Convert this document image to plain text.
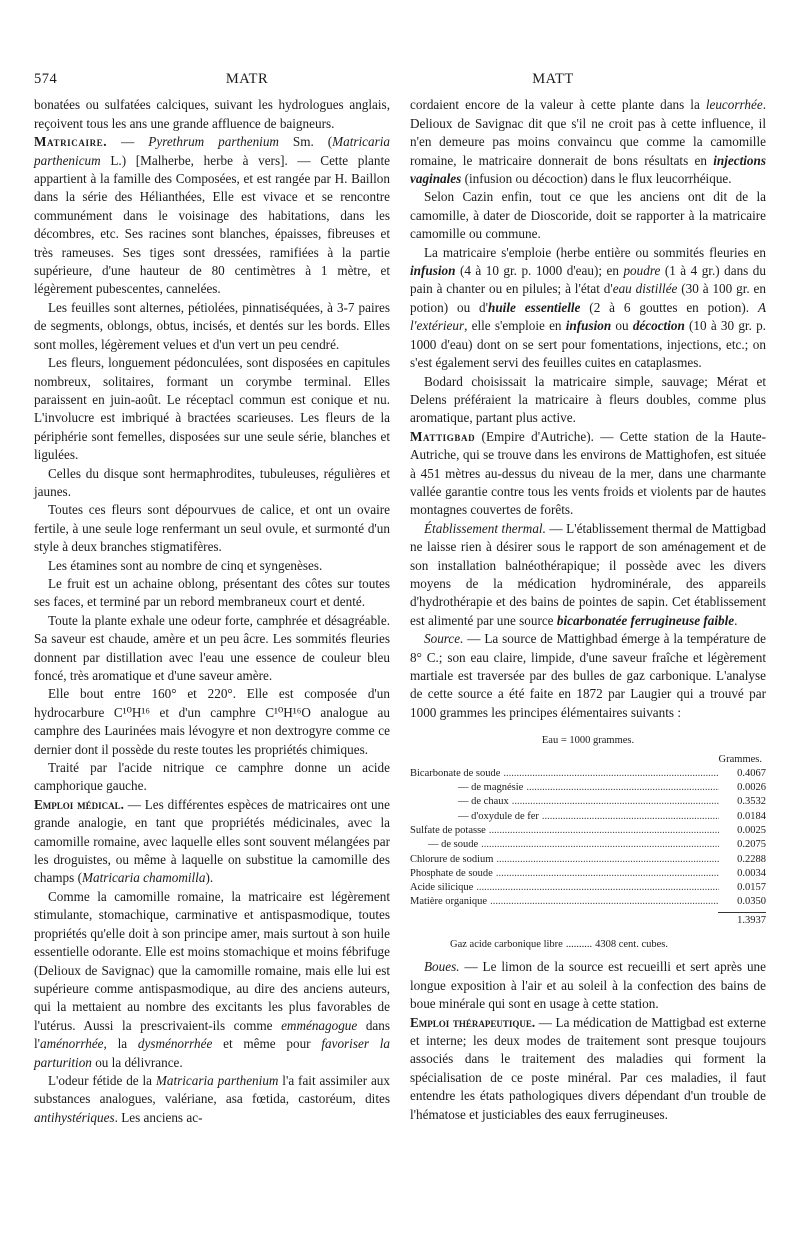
574	MATR	MATT

bonatées ou sulfatées calciques, suivant les hydrologues anglais, reçoivent tous les ans une grande affluence de baigneurs.

Matricaire. — Pyrethrum parthenium Sm. (Matricaria parthenicum L.) [Malherbe, herbe à vers]. — Cette plante appartient à la famille des Composées, et est rangée par H. Baillon dans la série des Hélianthées, Elle est vivace et se rencontre communément dans le voisinage des habitations, dans les décombres, etc. Ses racines sont blanches, épaisses, fibreuses et très rameuses. Ses tiges sont dressées, ramifiées à la partie supérieure, d'une hauteur de 80 centimètres à 1 mètre, et légèrement pubescentes, cannelées.

Les feuilles sont alternes, pétiolées, pinnatiséquées, à 3-7 paires de segments, oblongs, obtus, incisés, et dentés sur les bords. Elles sont molles, légèrement velues et d'un vert un peu cendré.

Les fleurs, longuement pédonculées, sont disposées en capitules nombreux, solitaires, formant un corymbe terminal. Elles paraissent en juin-août. Le réceptacl commun est conique et nu. L'involucre est imbriqué à bractées scarieuses. Les fleurs de la périphérie sont femelles, disposées sur une seule série, blanches et ligulées.

Celles du disque sont hermaphrodites, tubuleuses, régulières et jaunes.

Toutes ces fleurs sont dépourvues de calice, et ont un ovaire fertile, à une seule loge renfermant un seul ovule, et surmonté d'un style à deux branches stigmatifères.

Les étamines sont au nombre de cinq et syngenèses.

Le fruit est un achaine oblong, présentant des côtes sur toutes ses faces, et terminé par un rebord membraneux court et denté.

Toute la plante exhale une odeur forte, camphrée et désagréable. Sa saveur est chaude, amère et un peu âcre. Les sommités fleuries donnent par distillation avec l'eau une essence de couleur bleu foncé, très aromatique et d'une saveur amère.

Elle bout entre 160° et 220°. Elle est composée d'un hydrocarbure C¹⁰H¹⁶ et d'un camphre C¹⁰H¹⁶O analogue au camphre des Laurinées mais lévogyre et non dextrogyre comme ce dernier dont il possède du reste toutes les propriétés chimiques.

Traité par l'acide nitrique ce camphre donne un acide camphorique gauche.

Emploi médical. — Les différentes espèces de matricaires ont une grande analogie, en tant que propriétés médicinales, avec la camomille romaine, avec laquelle elles sont souvent mélangées par les droguistes, ou même à laquelle on substitue la camomille des champs (Matricaria chamomilla).

Comme la camomille romaine, la matricaire est légèrement stimulante, stomachique, carminative et antispasmodique, toutes propriétés qu'elle doit à son principe amer, mais surtout à son huile essentielle odorante. Elle est moins stomachique et moins fébrifuge (Delioux de Savignac) que la camomille romaine, mais elle lui est supérieure comme antispasmodique, au dire des anciens auteurs, qui la mettaient au nombre des excitants les plus favorables de l'utérus. Aussi la prescrivaient-ils comme emménagogue dans l'aménorrhée, la dysménorrhée et même pour favoriser la parturition ou la délivrance.

L'odeur fétide de la Matricaria parthenium l'a fait assimiler aux substances analogues, valériane, asa fœtida, castoréum, dites antihystériques. Les anciens ac-

cordaient encore de la valeur à cette plante dans la leucorrhée. Delioux de Savignac dit que s'il ne croit pas à cette influence, il n'en demeure pas moins convaincu que comme la camomille romaine, le matricaire donnerait de bons résultats en injections vaginales (infusion ou décoction) dans le flux leucorrhéique.

Selon Cazin enfin, tout ce que les anciens ont dit de la camomille, à dater de Dioscoride, doit se rapporter à la matricaire camomille ou commune.

La matricaire s'emploie (herbe entière ou sommités fleuries en infusion (4 à 10 gr. p. 1000 d'eau); en poudre (1 à 4 gr.) dans du pain à chanter ou en pilules; à l'état d'eau distillée (30 à 100 gr. en potion) ou d'huile essentielle (2 à 6 gouttes en potion). A l'extérieur, elle s'emploie en infusion ou décoction (10 à 30 gr. p. 1000 d'eau) dont on se sert pour fomentations, injections, etc.; on s'est également servi des feuilles cuites en cataplasmes.

Bodard choisissait la matricaire simple, sauvage; Mérat et Delens préféraient la matricaire à fleurs doubles, comme plus aromatique, partant plus active.

Mattigbad (Empire d'Autriche). — Cette station de la Haute-Autriche, qui se trouve dans les environs de Mattighofen, est située à 451 mètres au-dessus du niveau de la mer, dans une charmante vallée garantie contre tous les vents froids et violents par de hautes montagnes couvertes de forêts.

Établissement thermal. — L'établissement thermal de Mattigbad ne laisse rien à désirer sous le rapport de son aménagement et de son installation balnéothérapique; il possède avec les divers moyens de la médication hydrominérale, des appareils d'hydrothérapie et des bains de pointes de sapin. Cet établissement est alimenté par une source bicarbonatée ferrugineuse faible.

Source. — La source de Mattighbad émerge à la température de 8° C.; son eau claire, limpide, d'une saveur fraîche et légèrement martiale est traversée par des bulles de gaz carbonique. L'analyse de cette source a été faite en 1872 par Laugier qui a trouvé par 1000 grammes les principes élémentaires suivants :

Eau = 1000 grammes.
Grammes.
Bicarbonate de soude .....	0.4067
— de magnésie .....	0.0026
— de chaux .....	0.3532
— d'oxydule de fer .....	0.0184
Sulfate de potasse .....	0.0025
— de soude .....	0.2075
Chlorure de sodium .....	0.2288
Phosphate de soude .....	0.0034
Acide silicique .....	0.0157
Matière organique .....	0.0350
1.3937
Gaz acide carbonique libre .......... 4308 cent. cubes.

Boues. — Le limon de la source est recueilli et sert après une longue exposition à l'air et au soleil à la confection des bains de boue minérale qui sont en usage à cette station.

Emploi thérapeutique. — La médication de Mattigbad est externe et interne; les deux modes de traitement sont presque toujours associés dans le traitement des maladies qui forment la spécialisation de ce poste minéral. Par ces maladies, il faut entendre les états pathologiques divers dépendant d'un trouble de l'hématose et justiciables des eaux ferrugineuses.
